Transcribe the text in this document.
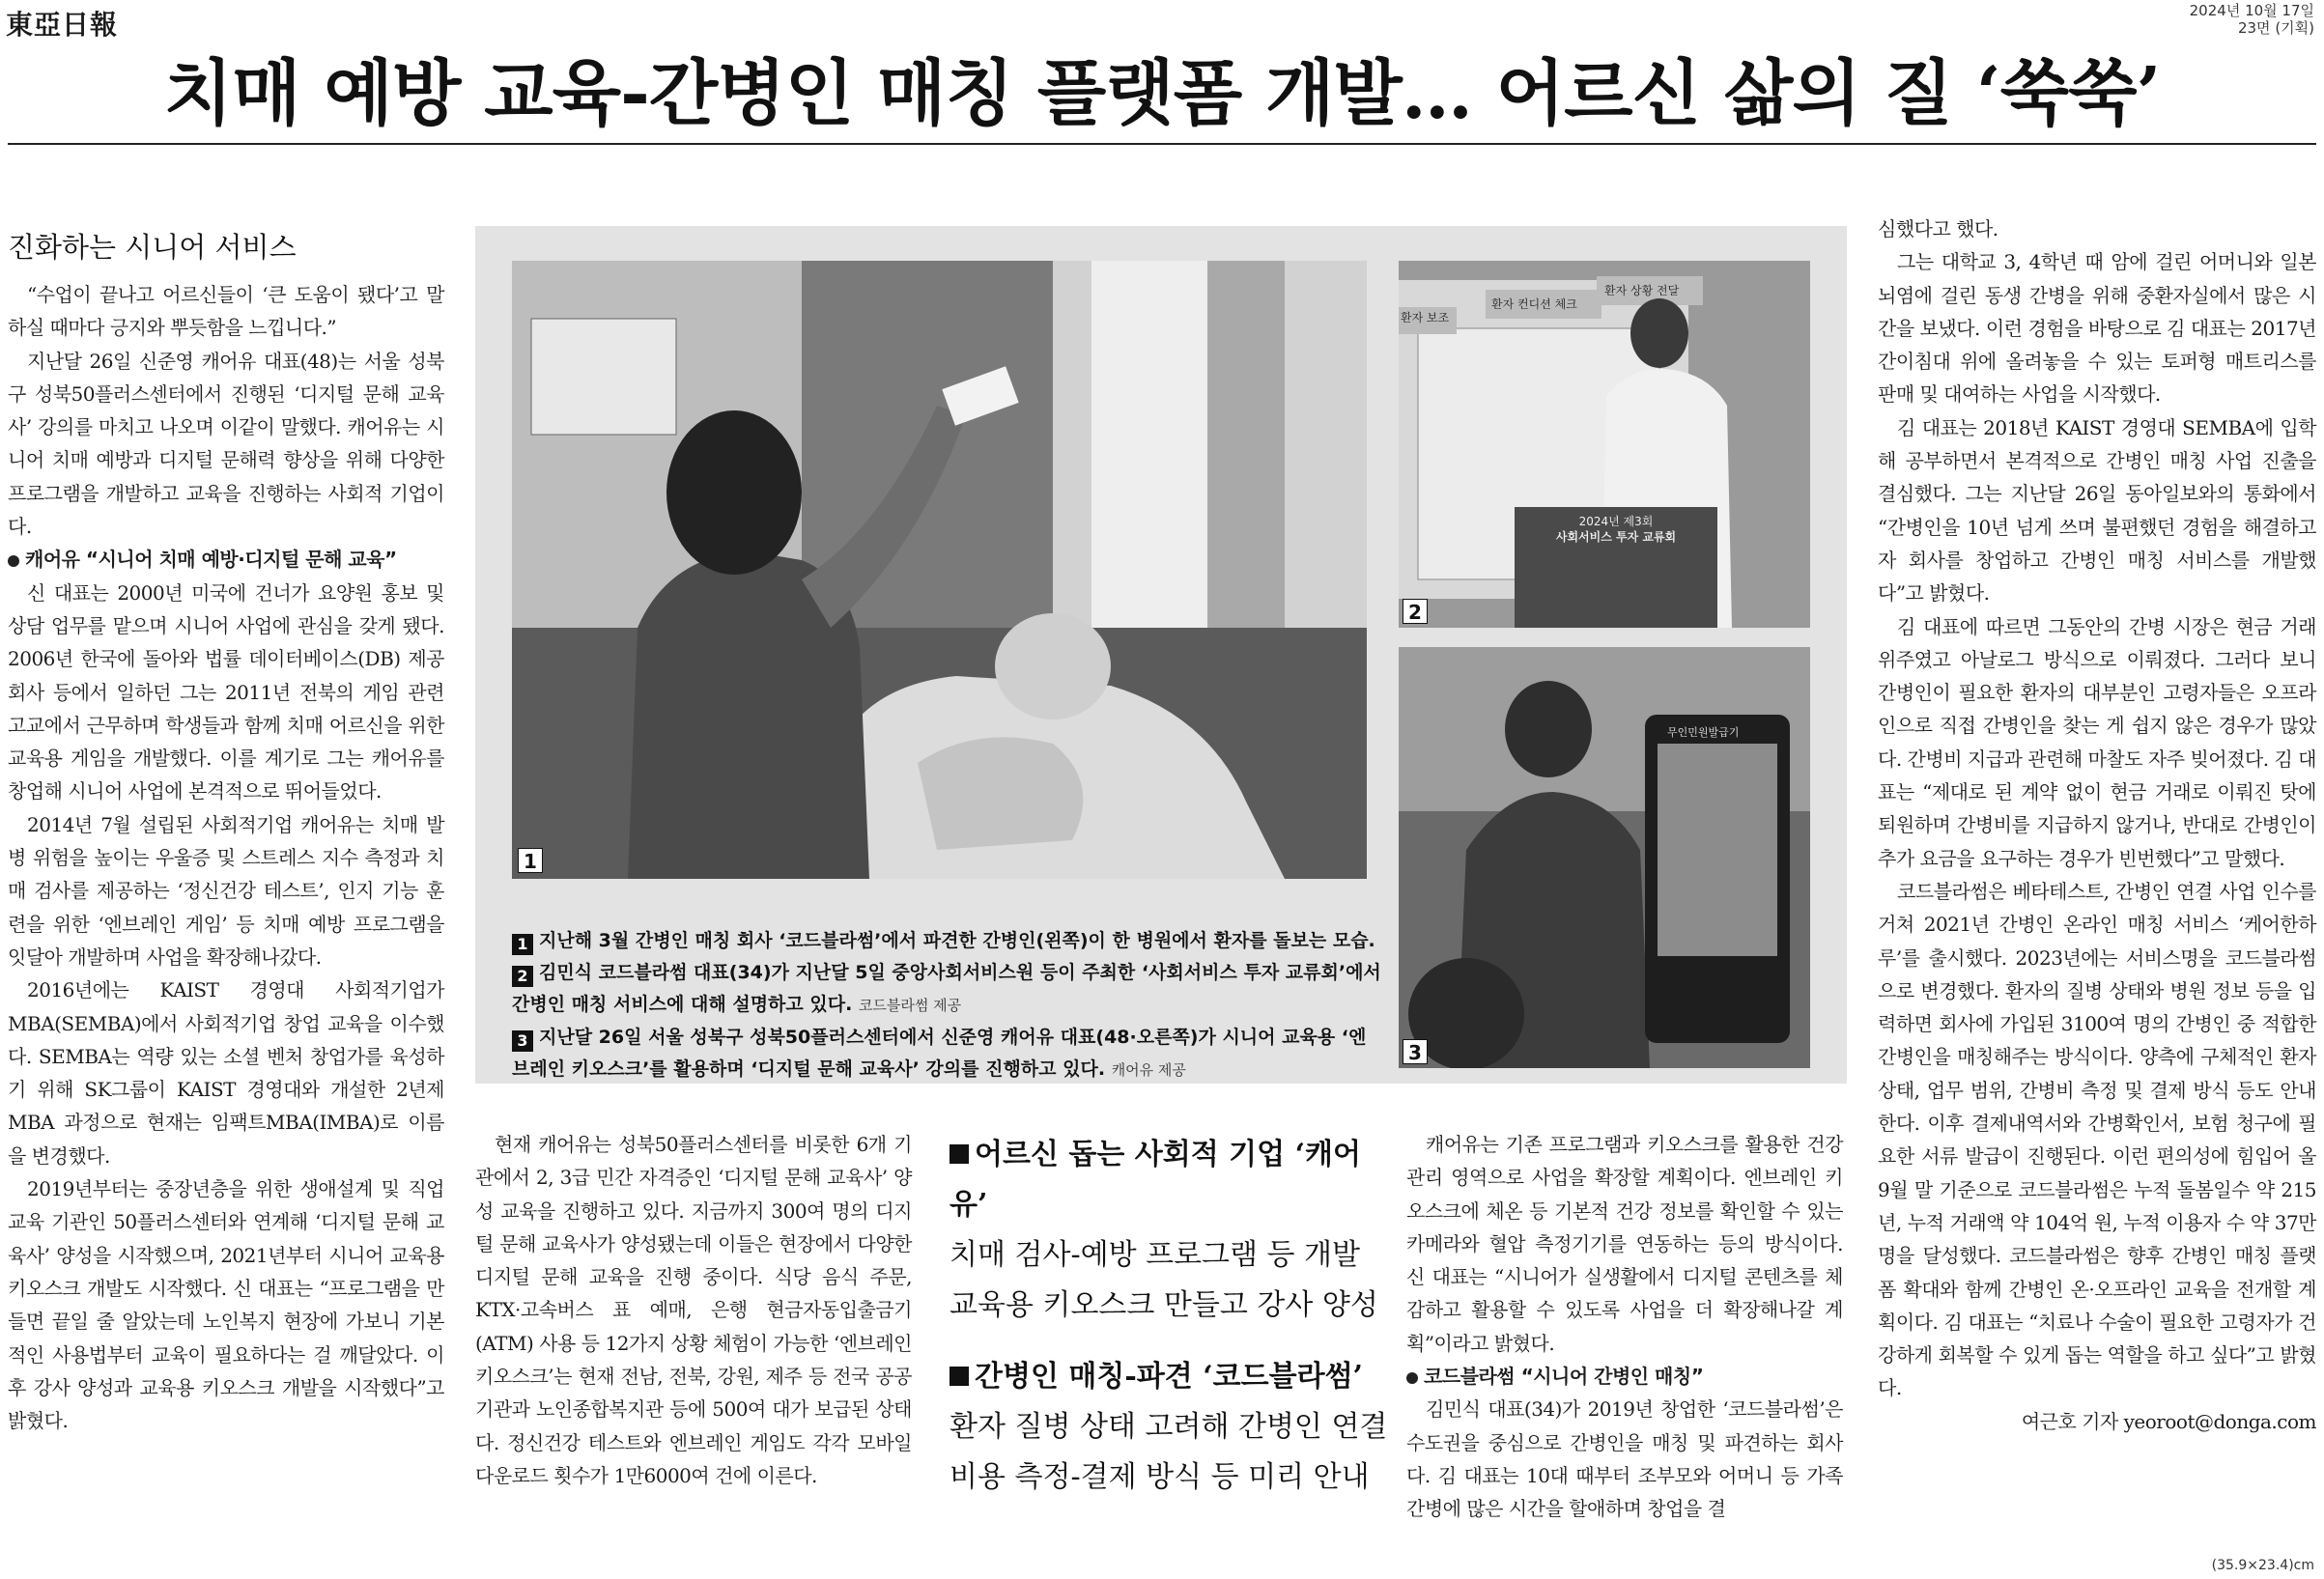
東亞日報	2024년 10월 17일
23면 (기획)
치매 예방 교육-간병인 매칭 플랫폼 개발… 어르신 삶의 질 ‘쑥쑥’
진화하는 시니어 서비스

“수업이 끝나고 어르신들이 ‘큰 도움이 됐다’고 말하실 때마다 긍지와 뿌듯함을 느낍니다.”

지난달 26일 신준영 캐어유 대표(48)는 서울 성북구 성북50플러스센터에서 진행된 ‘디지털 문해 교육사’ 강의를 마치고 나오며 이같이 말했다. 캐어유는 시니어 치매 예방과 디지털 문해력 향상을 위해 다양한 프로그램을 개발하고 교육을 진행하는 사회적 기업이다.

캐어유 “시니어 치매 예방·디지털 문해 교육”

신 대표는 2000년 미국에 건너가 요양원 홍보 및 상담 업무를 맡으며 시니어 사업에 관심을 갖게 됐다. 2006년 한국에 돌아와 법률 데이터베이스(DB) 제공 회사 등에서 일하던 그는 2011년 전북의 게임 관련 고교에서 근무하며 학생들과 함께 치매 어르신을 위한 교육용 게임을 개발했다. 이를 계기로 그는 캐어유를 창업해 시니어 사업에 본격적으로 뛰어들었다.

2014년 7월 설립된 사회적기업 캐어유는 치매 발병 위험을 높이는 우울증 및 스트레스 지수 측정과 치매 검사를 제공하는 ‘정신건강 테스트’, 인지 기능 훈련을 위한 ‘엔브레인 게임’ 등 치매 예방 프로그램을 잇달아 개발하며 사업을 확장해나갔다.

2016년에는 KAIST 경영대 사회적기업가 MBA(SEMBA)에서 사회적기업 창업 교육을 이수했다. SEMBA는 역량 있는 소셜 벤처 창업가를 육성하기 위해 SK그룹이 KAIST 경영대와 개설한 2년제 MBA 과정으로 현재는 임팩트MBA(IMBA)로 이름을 변경했다.

2019년부터는 중장년층을 위한 생애설계 및 직업교육 기관인 50플러스센터와 연계해 ‘디지털 문해 교육사’ 양성을 시작했으며, 2021년부터 시니어 교육용 키오스크 개발도 시작했다. 신 대표는 “프로그램을 만들면 끝일 줄 알았는데 노인복지 현장에 가보니 기본적인 사용법부터 교육이 필요하다는 걸 깨달았다. 이후 강사 양성과 교육용 키오스크 개발을 시작했다”고 밝혔다.

1
환자 보조
환자 컨디션 체크
환자 상황 전달
2024년 제3회
사회서비스 투자 교류회
2
무인민원발급기
3
1 지난해 3월 간병인 매칭 회사 ‘코드블라썸’에서 파견한 간병인(왼쪽)이 한 병원에서 환자를 돌보는 모습.
2 김민식 코드블라썸 대표(34)가 지난달 5일 중앙사회서비스원 등이 주최한 ‘사회서비스 투자 교류회’에서 간병인 매칭 서비스에 대해 설명하고 있다. 코드블라썸 제공
3 지난달 26일 서울 성북구 성북50플러스센터에서 신준영 캐어유 대표(48·오른쪽)가 시니어 교육용 ‘엔브레인 키오스크’를 활용하며 ‘디지털 문해 교육사’ 강의를 진행하고 있다. 캐어유 제공

현재 캐어유는 성북50플러스센터를 비롯한 6개 기관에서 2, 3급 민간 자격증인 ‘디지털 문해 교육사’ 양성 교육을 진행하고 있다. 지금까지 300여 명의 디지털 문해 교육사가 양성됐는데 이들은 현장에서 다양한 디지털 문해 교육을 진행 중이다. 식당 음식 주문, KTX·고속버스 표 예매, 은행 현금자동입출금기(ATM) 사용 등 12가지 상황 체험이 가능한 ‘엔브레인 키오스크’는 현재 전남, 전북, 강원, 제주 등 전국 공공기관과 노인종합복지관 등에 500여 대가 보급된 상태다. 정신건강 테스트와 엔브레인 게임도 각각 모바일 다운로드 횟수가 1만6000여 건에 이른다.

어르신 돕는 사회적 기업 ‘캐어유’
치매 검사-예방 프로그램 등 개발
교육용 키오스크 만들고 강사 양성
간병인 매칭-파견 ‘코드블라썸’
환자 질병 상태 고려해 간병인 연결
비용 측정-결제 방식 등 미리 안내

캐어유는 기존 프로그램과 키오스크를 활용한 건강관리 영역으로 사업을 확장할 계획이다. 엔브레인 키오스크에 체온 등 기본적 건강 정보를 확인할 수 있는 카메라와 혈압 측정기기를 연동하는 등의 방식이다. 신 대표는 “시니어가 실생활에서 디지털 콘텐츠를 체감하고 활용할 수 있도록 사업을 더 확장해나갈 계획”이라고 밝혔다.

코드블라썸 “시니어 간병인 매칭”

김민식 대표(34)가 2019년 창업한 ‘코드블라썸’은 수도권을 중심으로 간병인을 매칭 및 파견하는 회사다. 김 대표는 10대 때부터 조부모와 어머니 등 가족 간병에 많은 시간을 할애하며 창업을 결

심했다고 했다.

그는 대학교 3, 4학년 때 암에 걸린 어머니와 일본뇌염에 걸린 동생 간병을 위해 중환자실에서 많은 시간을 보냈다. 이런 경험을 바탕으로 김 대표는 2017년 간이침대 위에 올려놓을 수 있는 토퍼형 매트리스를 판매 및 대여하는 사업을 시작했다.

김 대표는 2018년 KAIST 경영대 SEMBA에 입학해 공부하면서 본격적으로 간병인 매칭 사업 진출을 결심했다. 그는 지난달 26일 동아일보와의 통화에서 “간병인을 10년 넘게 쓰며 불편했던 경험을 해결하고자 회사를 창업하고 간병인 매칭 서비스를 개발했다”고 밝혔다.

김 대표에 따르면 그동안의 간병 시장은 현금 거래 위주였고 아날로그 방식으로 이뤄졌다. 그러다 보니 간병인이 필요한 환자의 대부분인 고령자들은 오프라인으로 직접 간병인을 찾는 게 쉽지 않은 경우가 많았다. 간병비 지급과 관련해 마찰도 자주 빚어졌다. 김 대표는 “제대로 된 계약 없이 현금 거래로 이뤄진 탓에 퇴원하며 간병비를 지급하지 않거나, 반대로 간병인이 추가 요금을 요구하는 경우가 빈번했다”고 말했다.

코드블라썸은 베타테스트, 간병인 연결 사업 인수를 거쳐 2021년 간병인 온라인 매칭 서비스 ‘케어한하루’를 출시했다. 2023년에는 서비스명을 코드블라썸으로 변경했다. 환자의 질병 상태와 병원 정보 등을 입력하면 회사에 가입된 3100여 명의 간병인 중 적합한 간병인을 매칭해주는 방식이다. 양측에 구체적인 환자 상태, 업무 범위, 간병비 측정 및 결제 방식 등도 안내한다. 이후 결제내역서와 간병확인서, 보험 청구에 필요한 서류 발급이 진행된다. 이런 편의성에 힘입어 올 9월 말 기준으로 코드블라썸은 누적 돌봄일수 약 215년, 누적 거래액 약 104억 원, 누적 이용자 수 약 37만 명을 달성했다. 코드블라썸은 향후 간병인 매칭 플랫폼 확대와 함께 간병인 온·오프라인 교육을 전개할 계획이다. 김 대표는 “치료나 수술이 필요한 고령자가 건강하게 회복할 수 있게 돕는 역할을 하고 싶다”고 밝혔다.

여근호 기자 yeoroot@donga.com

(35.9×23.4)cm
